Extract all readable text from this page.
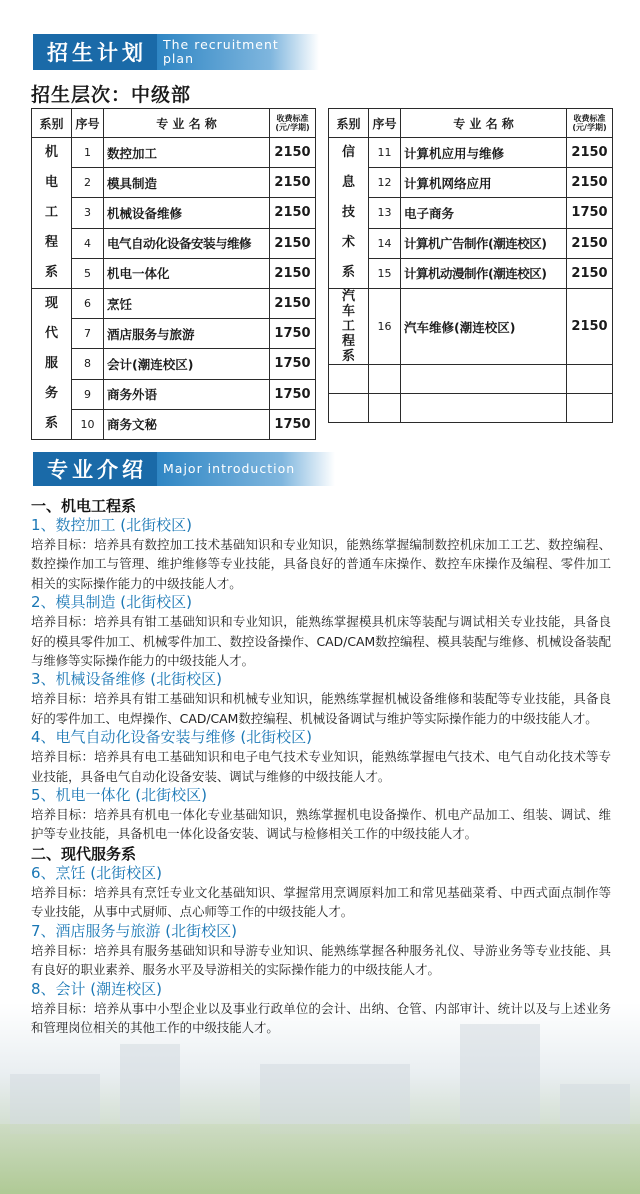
招生计划	The recruitment
plan
招生层次：中级部
系别	序号	专 业 名 称	收费标准
(元/学期)

机
电
工
程
系	1	数控加工	2150
	2	模具制造	2150
	3	机械设备维修	2150
	4	电气自动化设备安装与维修	2150
	5	机电一体化	2150

现
代
服
务
系	6	烹饪	2150
	7	酒店服务与旅游	1750
	8	会计(潮连校区)	1750
	9	商务外语	1750
	10	商务文秘	1750
系别	序号	专 业 名 称	收费标准
(元/学期)

信
息
技
术
系	11	计算机应用与维修	2150
	12	计算机网络应用	2150
	13	电子商务	1750
	14	计算机广告制作(潮连校区)	2150
	15	计算机动漫制作(潮连校区)	2150

汽
车
工
程
系	16	汽车维修(潮连校区)	2150

专业介绍	Major introduction
一、机电工程系
1、数控加工 (北街校区)
培养目标：培养具有数控加工技术基础知识和专业知识，能熟练掌握编制数控机床加工工艺、数控编程、数控操作加工与管理、维护维修等专业技能，具备良好的普通车床操作、数控车床操作及编程、零件加工相关的实际操作能力的中级技能人才。
2、模具制造 (北街校区)
培养目标：培养具有钳工基础知识和专业知识，能熟练掌握模具机床等装配与调试相关专业技能，具备良好的模具零件加工、机械零件加工、数控设备操作、CAD/CAM数控编程、模具装配与维修、机械设备装配与维修等实际操作能力的中级技能人才。
3、机械设备维修 (北街校区)
培养目标：培养具有钳工基础知识和机械专业知识，能熟练掌握机械设备维修和装配等专业技能，具备良好的零件加工、电焊操作、CAD/CAM数控编程、机械设备调试与维护等实际操作能力的中级技能人才。
4、电气自动化设备安装与维修 (北街校区)
培养目标：培养具有电工基础知识和电子电气技术专业知识，能熟练掌握电气技术、电气自动化技术等专业技能，具备电气自动化设备安装、调试与维修的中级技能人才。
5、机电一体化 (北街校区)
培养目标：培养具有机电一体化专业基础知识，熟练掌握机电设备操作、机电产品加工、组装、调试、维护等专业技能，具备机电一体化设备安装、调试与检修相关工作的中级技能人才。
二、现代服务系
6、烹饪 (北街校区)
培养目标：培养具有烹饪专业文化基础知识、掌握常用烹调原料加工和常见基础菜肴、中西式面点制作等专业技能，从事中式厨师、点心师等工作的中级技能人才。
7、酒店服务与旅游 (北街校区)
培养目标：培养具有服务基础知识和导游专业知识、能熟练掌握各种服务礼仪、导游业务等专业技能、具有良好的职业素养、服务水平及导游相关的实际操作能力的中级技能人才。
8、会计 (潮连校区)
培养目标：培养从事中小型企业以及事业行政单位的会计、出纳、仓管、内部审计、统计以及与上述业务和管理岗位相关的其他工作的中级技能人才。
